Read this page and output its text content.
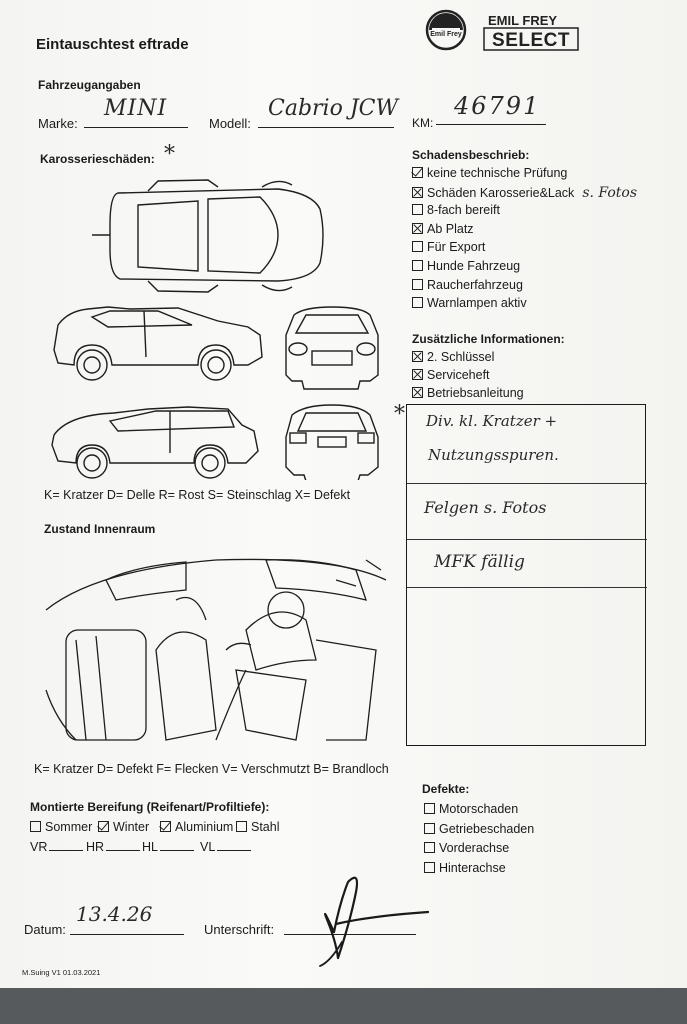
Eintauschtest eftrade
Emil Frey
EMIL FREY
SELECT
Fahrzeugangaben
Marke:
MINI
Modell:
Cabrio JCW
KM:
46791
Karosserieschäden: *
K= Kratzer D= Delle R= Rost S= Steinschlag X= Defekt
Zustand Innenraum
K= Kratzer D= Defekt F= Flecken V= Verschmutzt B= Brandloch
Schadensbeschrieb:
Zusätzliche Informationen:
* Div. kl. Kratzer +
Nutzungsspuren.
Felgen s. Fotos
MFK fällig
Montierte Bereifung (Reifenart/Profiltiefe):
Defekte:
Datum:
13.4.26
Unterschrift:
M.Suing V1 01.03.2021
keine technische Prüfung
Schäden Karosserie&Lack s. Fotos
8-fach bereift
Ab Platz
Für Export
Hunde Fahrzeug
Raucherfahrzeug
Warnlampen aktiv
2. Schlüssel
Serviceheft
Betriebsanleitung
Motorschaden
Getriebeschaden
Vorderachse
Hinterachse
Sommer	Winter	Aluminium	Stahl
VR	HR	HL	VL
